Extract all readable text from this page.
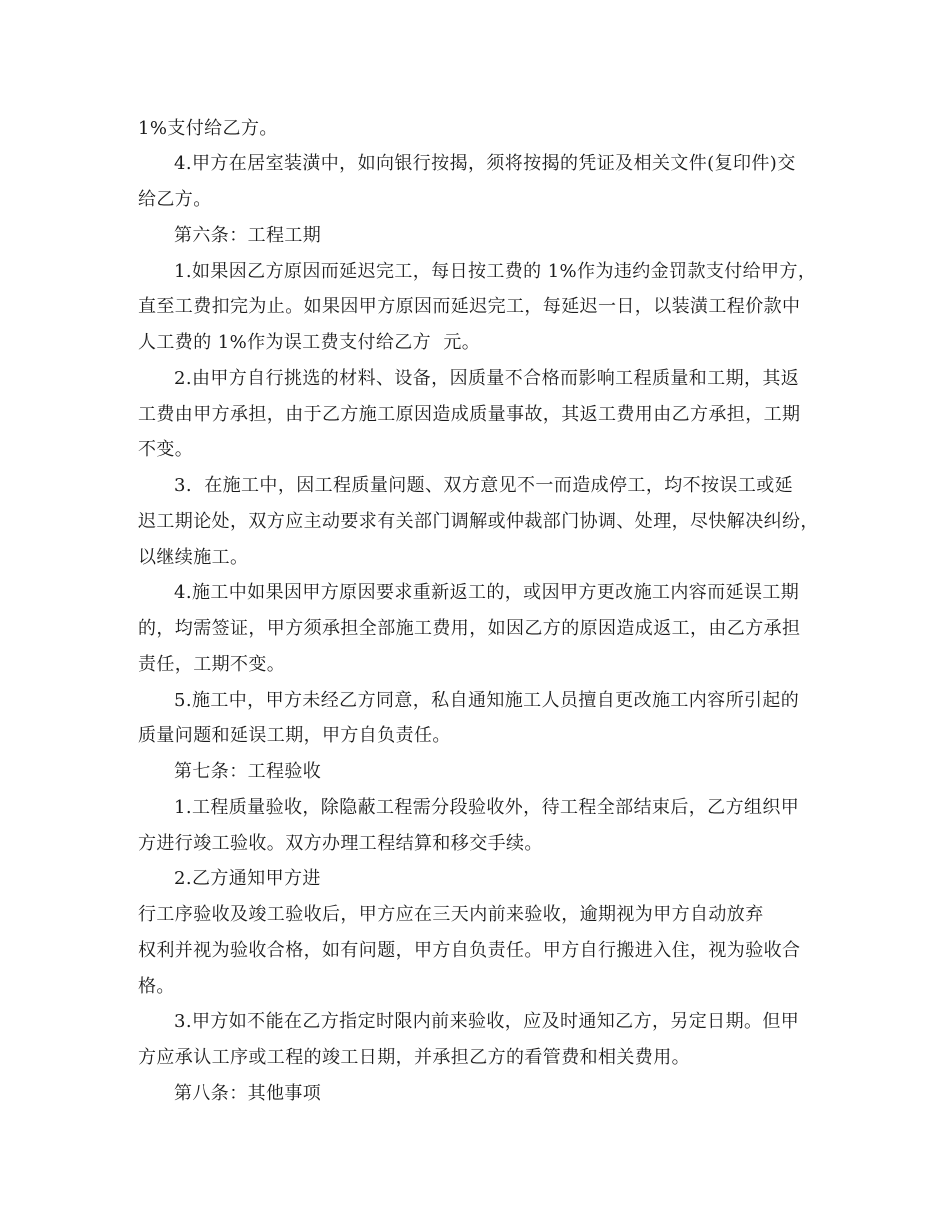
1%支付给乙方。
4.甲方在居室装潢中，如向银行按揭，须将按揭的凭证及相关文件(复印件)交
给乙方。
第六条：工程工期
1.如果因乙方原因而延迟完工，每日按工费的 1%作为违约金罚款支付给甲方，
直至工费扣完为止。如果因甲方原因而延迟完工，每延迟一日，以装潢工程价款中
人工费的 1%作为误工费支付给乙方  元。
2.由甲方自行挑选的材料、设备，因质量不合格而影响工程质量和工期，其返
工费由甲方承担，由于乙方施工原因造成质量事故，其返工费用由乙方承担，工期
不变。
3.  在施工中，因工程质量问题、双方意见不一而造成停工，均不按误工或延
迟工期论处，双方应主动要求有关部门调解或仲裁部门协调、处理，尽快解决纠纷，
以继续施工。
4.施工中如果因甲方原因要求重新返工的，或因甲方更改施工内容而延误工期
的，均需签证，甲方须承担全部施工费用，如因乙方的原因造成返工，由乙方承担
责任，工期不变。
5.施工中，甲方未经乙方同意，私自通知施工人员擅自更改施工内容所引起的
质量问题和延误工期，甲方自负责任。
第七条：工程验收
1.工程质量验收，除隐蔽工程需分段验收外，待工程全部结束后，乙方组织甲
方进行竣工验收。双方办理工程结算和移交手续。
2.乙方通知甲方进
行工序验收及竣工验收后，甲方应在三天内前来验收，逾期视为甲方自动放弃
权利并视为验收合格，如有问题，甲方自负责任。甲方自行搬进入住，视为验收合
格。
3.甲方如不能在乙方指定时限内前来验收，应及时通知乙方，另定日期。但甲
方应承认工序或工程的竣工日期，并承担乙方的看管费和相关费用。
第八条：其他事项
